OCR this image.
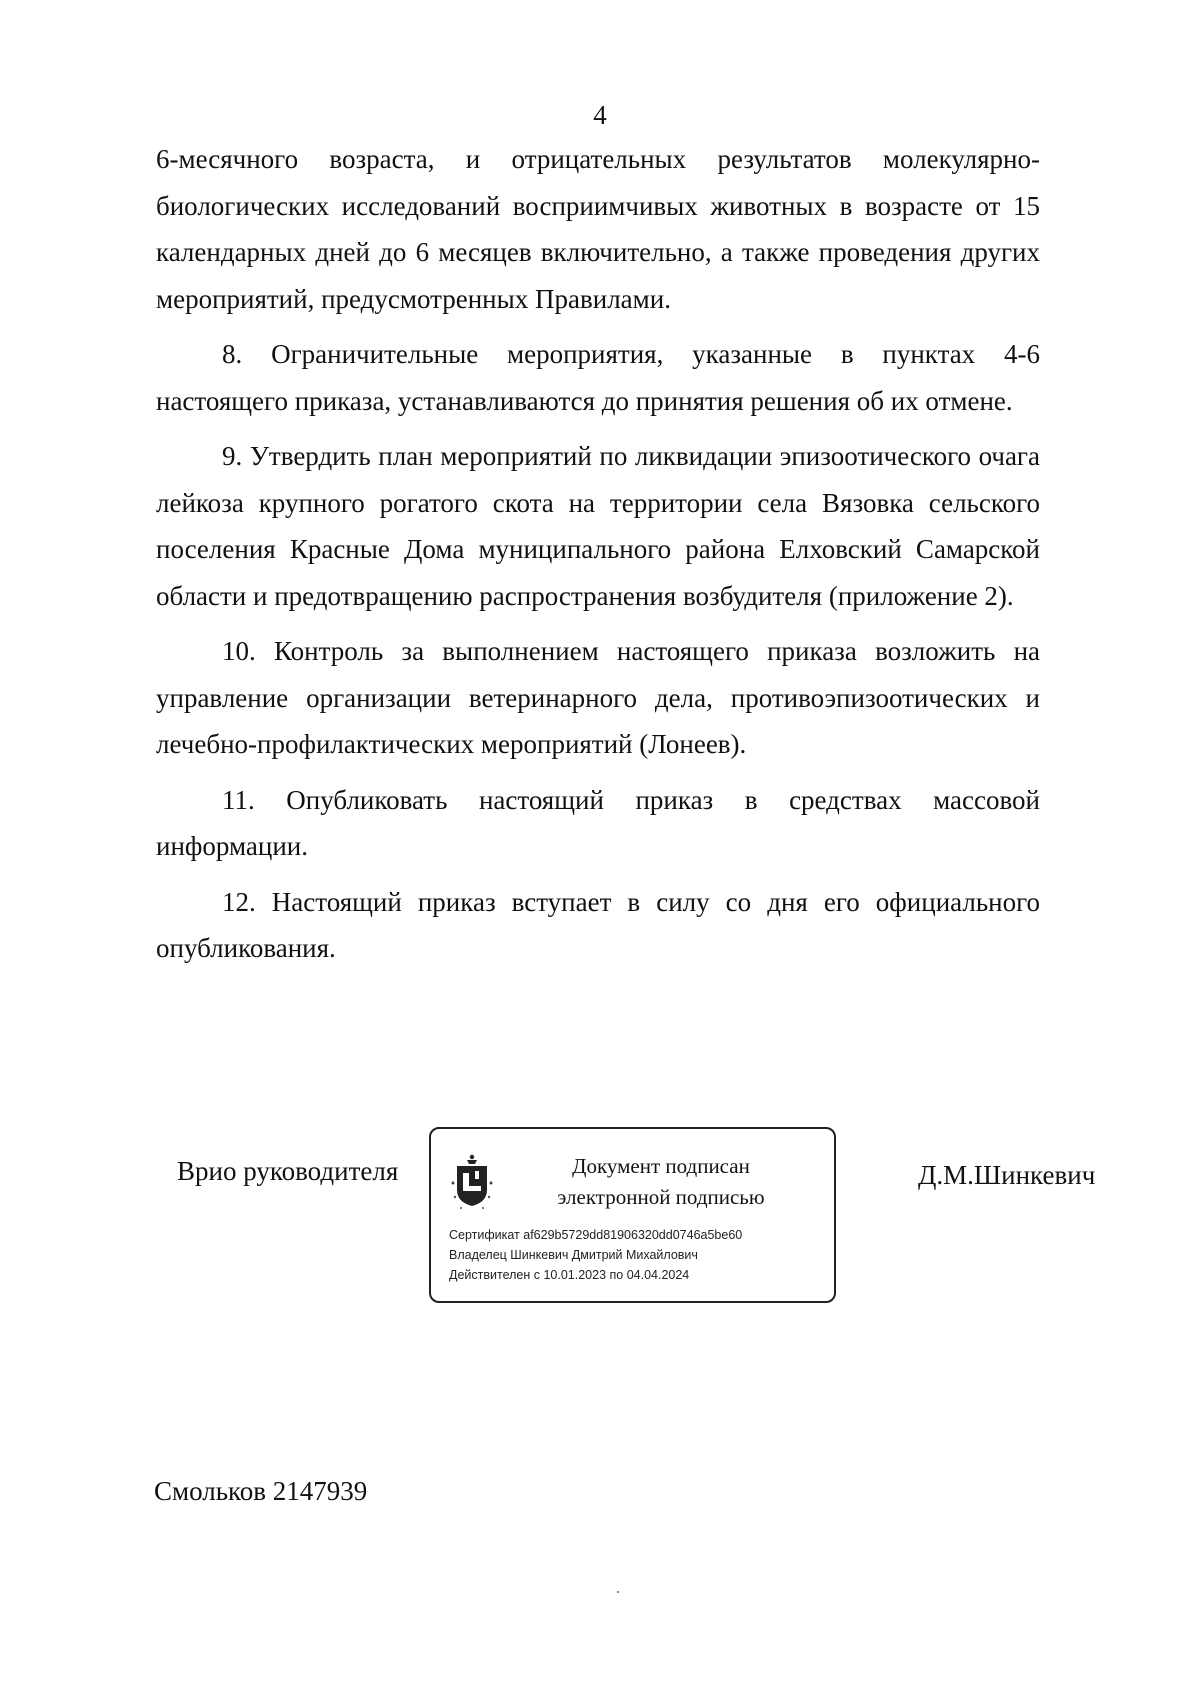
4

6-месячного возраста, и отрицательных результатов молекулярно-биологических исследований восприимчивых животных в возрасте от 15 календарных дней до 6 месяцев включительно, а также проведения других мероприятий, предусмотренных Правилами.

8. Ограничительные мероприятия, указанные в пунктах 4-6 настоящего приказа, устанавливаются до принятия решения об их отмене.

9. Утвердить план мероприятий по ликвидации эпизоотического очага лейкоза крупного рогатого скота на территории села Вязовка сельского поселения Красные Дома муниципального района Елховский Самарской области и предотвращению распространения возбудителя (приложение 2).

10. Контроль за выполнением настоящего приказа возложить на управление организации ветеринарного дела, противоэпизоотических и лечебно-профилактических мероприятий (Лонеев).

11. Опубликовать настоящий приказ в средствах массовой информации.

12. Настоящий приказ вступает в силу со дня его официального опубликования.

Врио руководителя	Документ подписан
электронной подписью
Сертификат af629b5729dd81906320dd0746a5be60
Владелец Шинкевич Дмитрий Михайлович
Действителен с 10.01.2023 по 04.04.2024
Д.М.Шинкевич
Смольков 2147939
